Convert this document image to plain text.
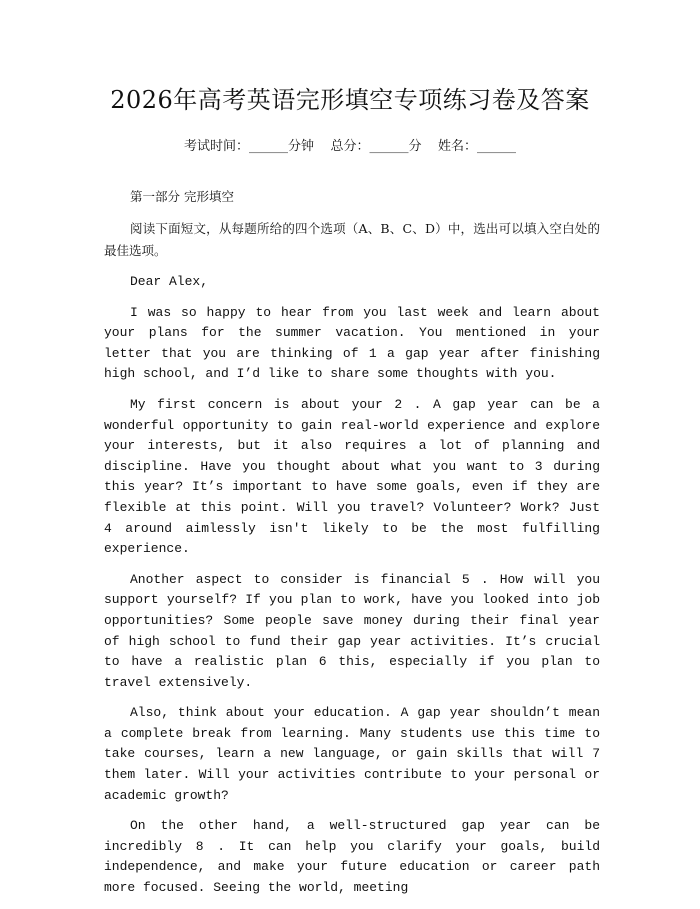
2026年高考英语完形填空专项练习卷及答案
考试时间：______分钟    总分：______分    姓名：______

第一部分 完形填空

阅读下面短文，从每题所给的四个选项（A、B、C、D）中，选出可以填入空白处的最佳选项。

Dear Alex,

I was so happy to hear from you last week and learn about your plans for the summer vacation. You mentioned in your letter that you are thinking of 1 a gap year after finishing high school, and I’d like to share some thoughts with you.

My first concern is about your 2 . A gap year can be a wonderful opportunity to gain real-world experience and explore your interests, but it also requires a lot of planning and discipline. Have you thought about what you want to 3 during this year? It’s important to have some goals, even if they are flexible at this point. Will you travel? Volunteer? Work? Just 4 around aimlessly isn't likely to be the most fulfilling experience.

Another aspect to consider is financial 5 . How will you support yourself? If you plan to work, have you looked into job opportunities? Some people save money during their final year of high school to fund their gap year activities. It’s crucial to have a realistic plan 6 this, especially if you plan to travel extensively.

Also, think about your education. A gap year shouldn’t mean a complete break from learning. Many students use this time to take courses, learn a new language, or gain skills that will 7 them later. Will your activities contribute to your personal or academic growth?

On the other hand, a well-structured gap year can be incredibly 8 . It can help you clarify your goals, build independence, and make your future education or career path more focused. Seeing the world, meeting
